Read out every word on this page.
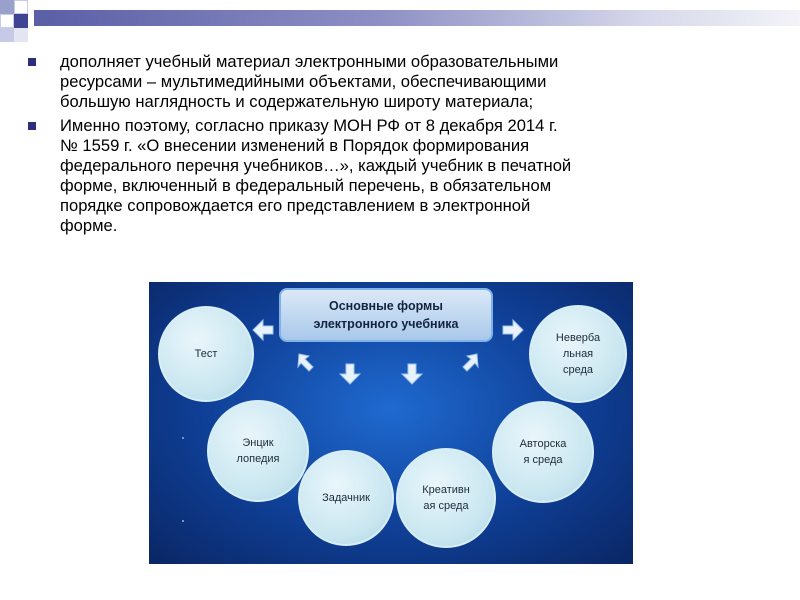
дополняет учебный материал электронными образовательными
ресурсами – мультимедийными объектами, обеспечивающими
большую наглядность и содержательную широту материала;
Именно поэтому, согласно приказу МОН РФ от 8 декабря 2014 г.
№ 1559 г. «О внесении изменений в Порядок формирования
федерального перечня учебников…», каждый учебник в печатной
форме, включенный в федеральный перечень, в обязательном
порядке сопровождается его представлением в электронной
форме.
Основные формы
электронного учебника
Тест
Энцик
лопедия
Задачник
Креативн
ая среда
Авторска
я среда
Неверба
льная
среда
